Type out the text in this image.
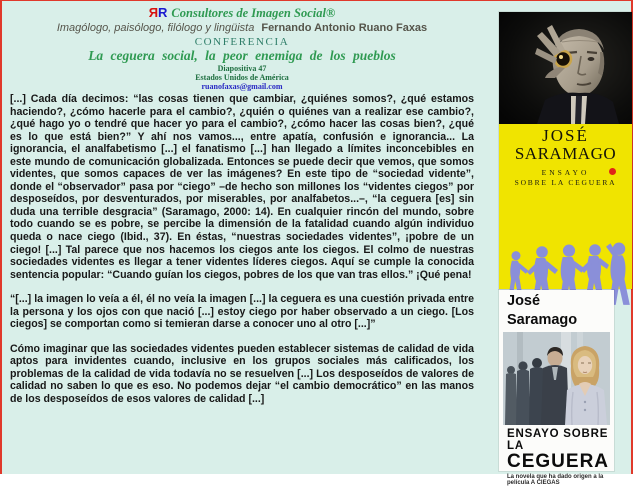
ЯR Consultores de Imagen Social®
Imagólogo, paisólogo, filólogo y lingüista Fernando Antonio Ruano Faxas
CONFERENCIA
La ceguera social, la peor enemiga de los pueblos
Diapositiva 47
Estados Unidos de América
ruanofaxas@gmail.com

[...] Cada día decimos: “las cosas tienen que cambiar, ¿quiénes somos?, ¿qué estamos haciendo?, ¿cómo hacerle para el cambio?, ¿quién o quiénes van a realizar ese cambio?, ¿qué hago yo o tendré que hacer yo para el cambio?, ¿cómo hacer las cosas bien?, ¿qué es lo que está bien?” Y ahí nos vamos..., entre apatía, confusión e ignorancia... La ignorancia, el analfabetismo [...] el fanatismo [...] han llegado a límites inconcebibles en este mundo de comunicación globalizada. Entonces se puede decir que vemos, que somos videntes, que somos capaces de ver las imágenes? En este tipo de “sociedad vidente”, donde el “observador” pasa por “ciego” –de hecho son millones los “videntes ciegos” por desposeídos, por desventurados, por miserables, por analfabetos...–, “la ceguera [es] sin duda una terrible desgracia” (Saramago, 2000: 14). En cualquier rincón del mundo, sobre todo cuando se es pobre, se percibe la dimensión de la fatalidad cuando algún individuo queda o nace ciego (Ibid., 37). En éstas, “nuestras sociedades videntes”, ¡pobre de un ciego! [...] Tal parece que nos hacemos los ciegos ante los ciegos. El colmo de nuestras sociedades videntes es llegar a tener videntes líderes ciegos. Aquí se cumple la conocida sentencia popular: “Cuando guían los ciegos, pobres de los que van tras ellos.” ¡Qué pena!

“[...] la imagen lo veía a él, él no veía la imagen [...] la ceguera es una cuestión privada entre la persona y los ojos con que nació [...] estoy ciego por haber observado a un ciego. [Los ciegos] se comportan como si temieran darse a conocer uno al otro [...]”

Cómo imaginar que las sociedades videntes pueden establecer sistemas de calidad de vida aptos para invidentes cuando, inclusive en los grupos sociales más calificados, los problemas de la calidad de vida todavía no se resuelven [...] Los desposeídos de valores de calidad no saben lo que es eso. No podemos dejar “el cambio democrático” en las manos de los desposeídos de esos valores de calidad [...]

JOSÉ
SARAMAGO
ENSAYO
SOBRE LA CEGUERA
José
Saramago
ENSAYO SOBRE LA
CEGUERA
La novela que ha dado origen a la película A CIEGAS
